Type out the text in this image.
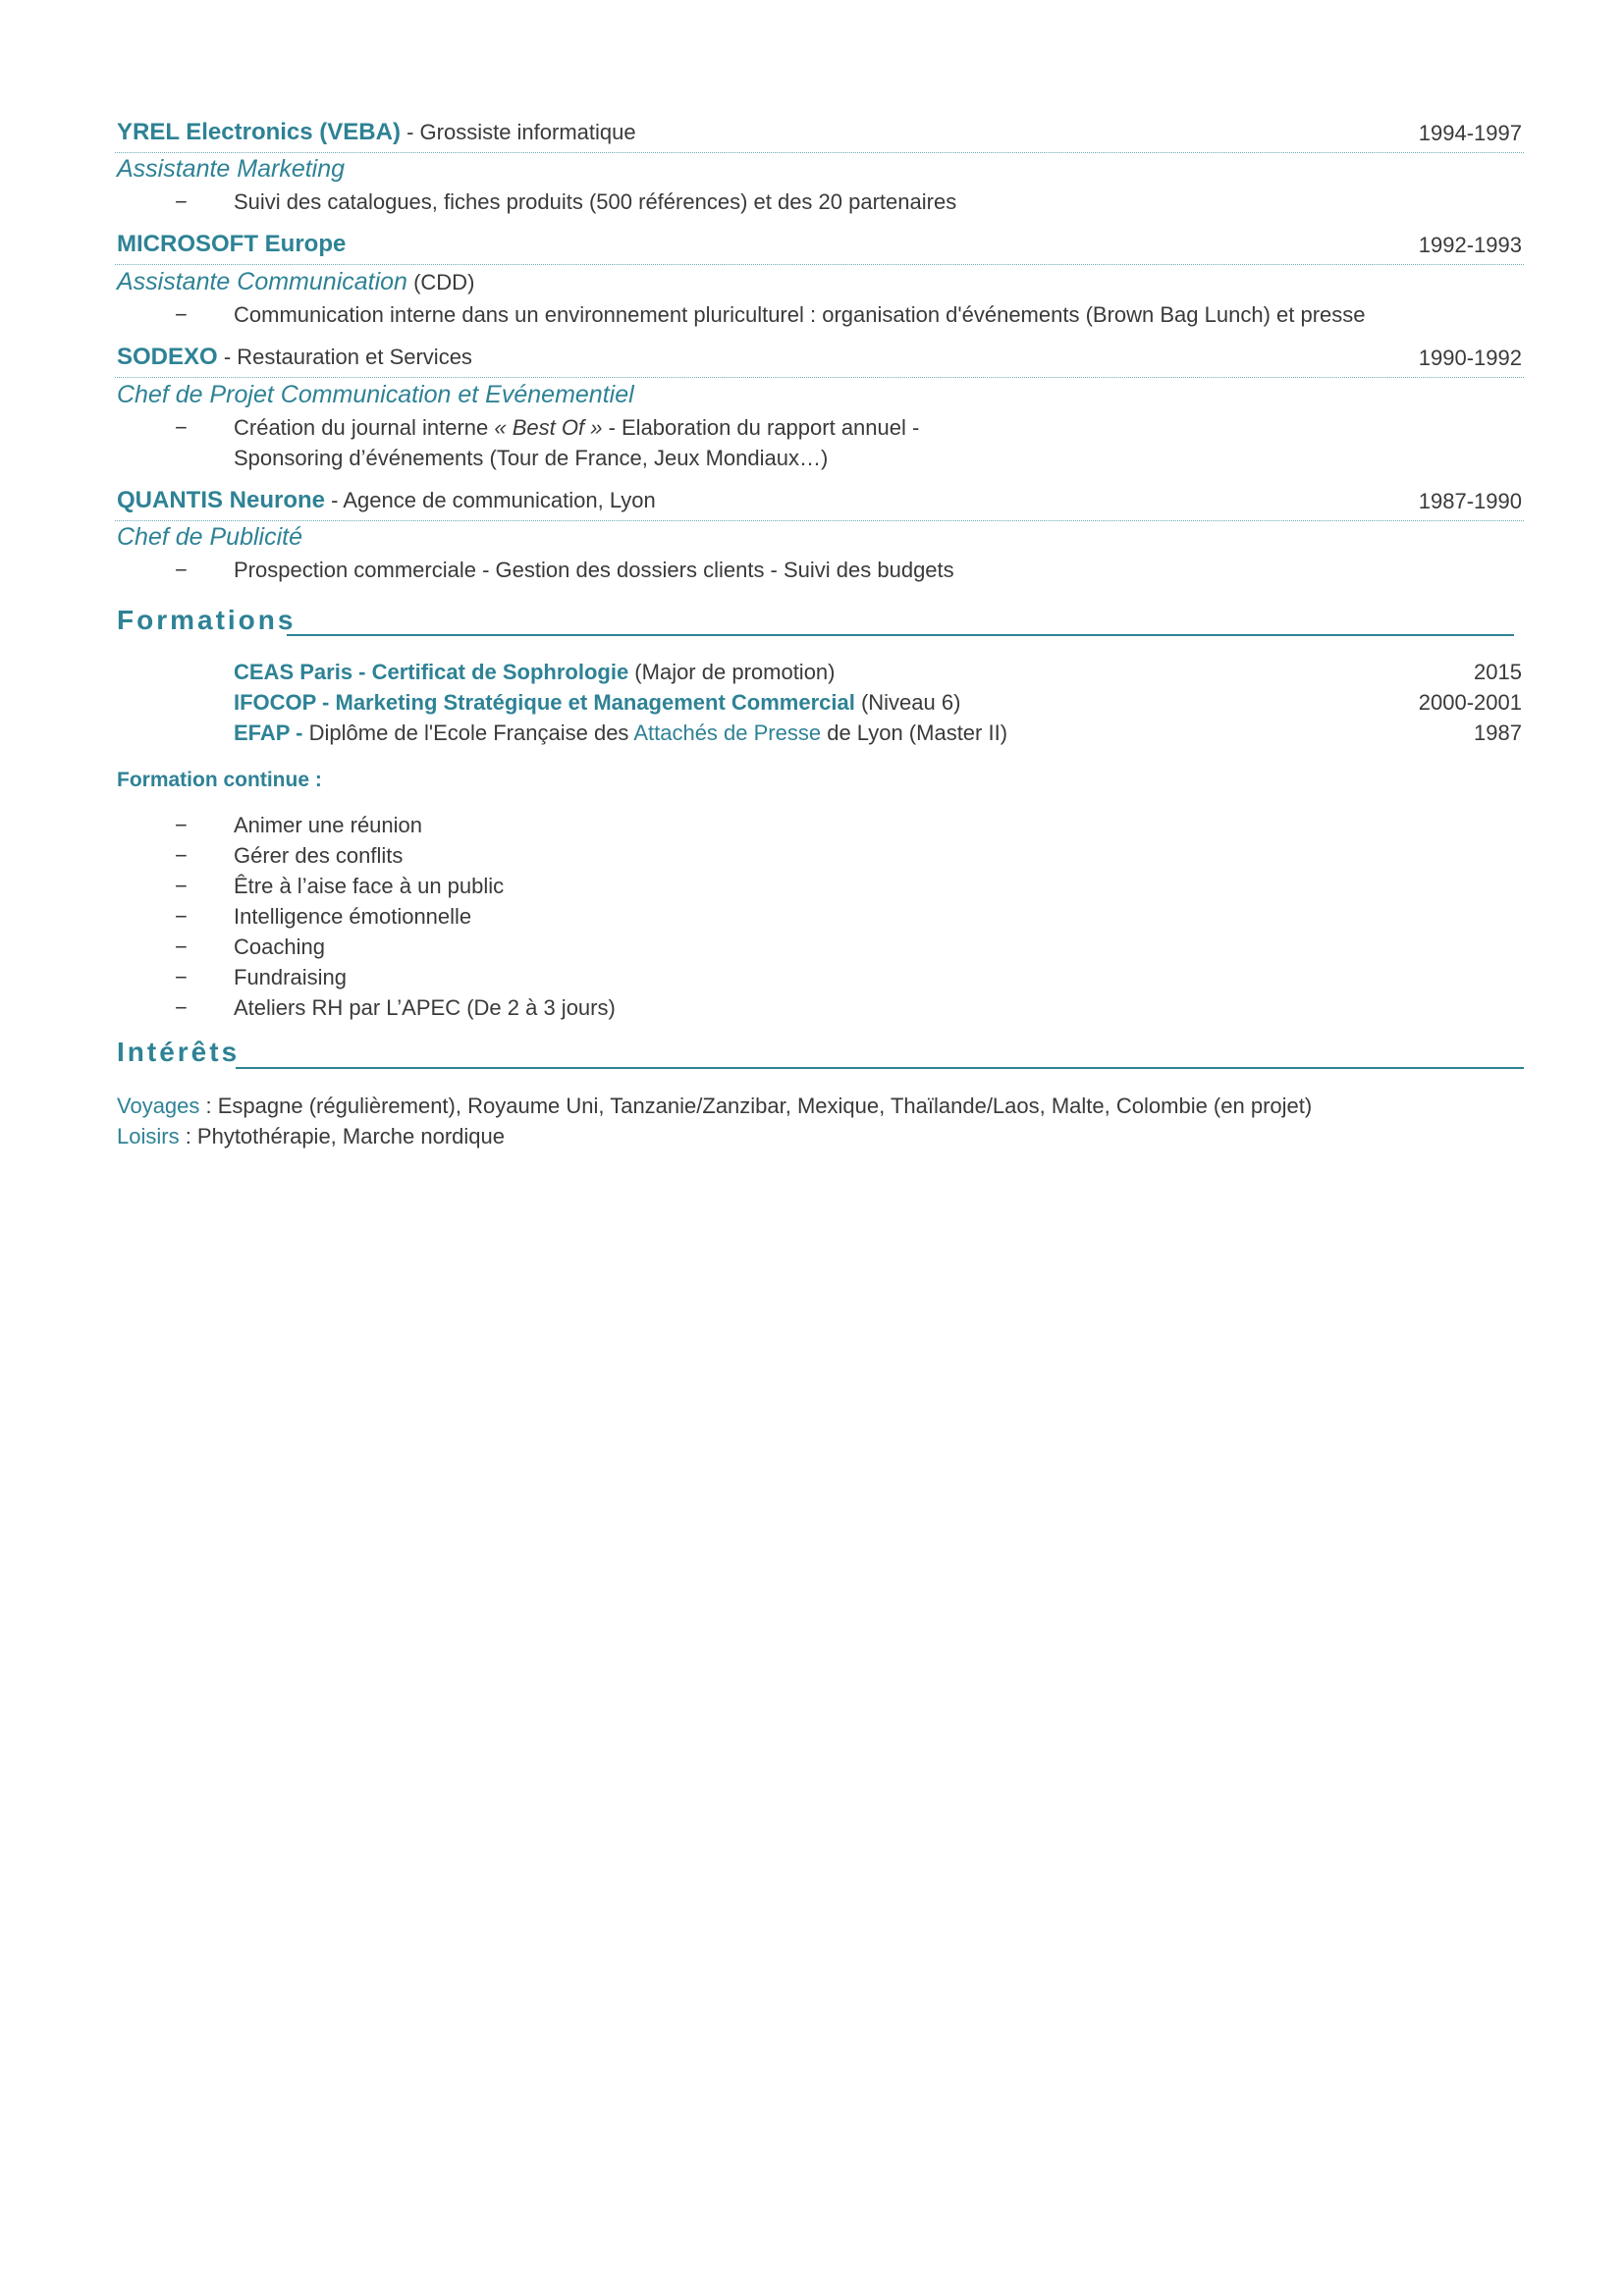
YREL Electronics (VEBA) - Grossiste informatique	1994-1997
Assistante Marketing
− Suivi des catalogues, fiches produits (500 références) et des 20 partenaires
MICROSOFT Europe	1992-1993
Assistante Communication (CDD)
− Communication interne dans un environnement pluriculturel : organisation d'événements (Brown Bag Lunch) et presse
SODEXO - Restauration et Services	1990-1992
Chef de Projet Communication et Evénementiel
− Création du journal interne « Best Of » - Elaboration du rapport annuel -
Sponsoring d’événements (Tour de France, Jeux Mondiaux…)
QUANTIS Neurone - Agence de communication, Lyon	1987-1990
Chef de Publicité
− Prospection commerciale - Gestion des dossiers clients - Suivi des budgets
Formations
CEAS Paris - Certificat de Sophrologie (Major de promotion)	2015
IFOCOP - Marketing Stratégique et Management Commercial (Niveau 6)	2000-2001
EFAP - Diplôme de l'Ecole Française des Attachés de Presse de Lyon (Master II)	1987
Formation continue :
− Animer une réunion
− Gérer des conflits
− Être à l’aise face à un public
− Intelligence émotionnelle
− Coaching
− Fundraising
− Ateliers RH par L’APEC (De 2 à 3 jours)
Intérêts
Voyages : Espagne (régulièrement), Royaume Uni, Tanzanie/Zanzibar, Mexique, Thaïlande/Laos, Malte, Colombie (en projet)
Loisirs : Phytothérapie, Marche nordique
